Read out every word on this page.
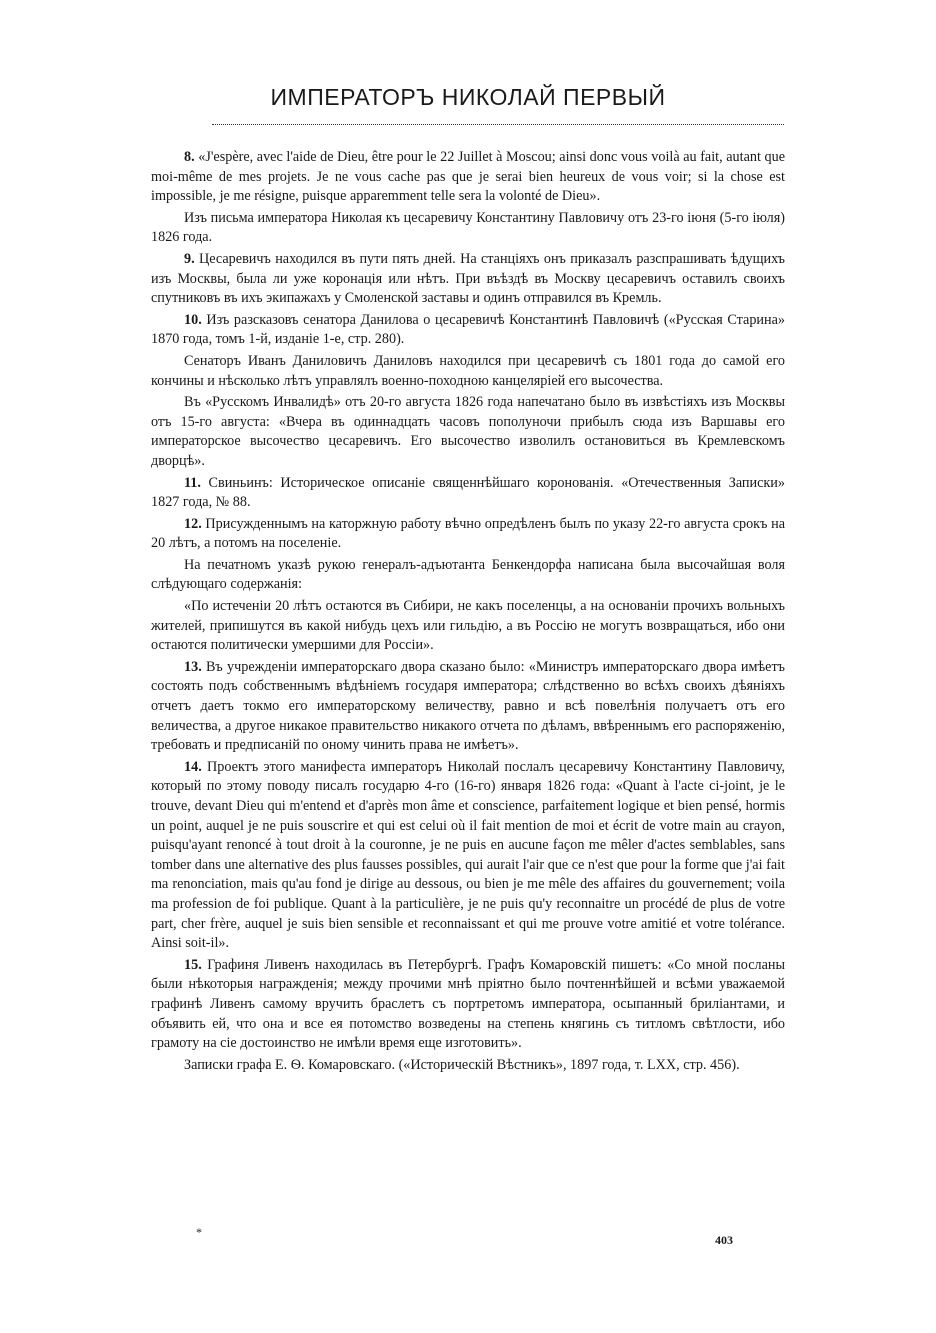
ИМПЕРАТОРЪ НИКОЛАЙ ПЕРВЫЙ

8. «J'espère, avec l'aide de Dieu, être pour le 22 Juillet à Moscou; ainsi donc vous voilà au fait, autant que moi-même de mes projets. Je ne vous cache pas que je serai bien heureux de vous voir; si la chose est impossible, je me résigne, puisque apparemment telle sera la volonté de Dieu».

Изъ письма императора Николая къ цесаревичу Константину Павловичу отъ 23-го іюня (5-го іюля) 1826 года.

9. Цесаревичъ находился въ пути пять дней. На станціяхъ онъ приказалъ разспрашивать ѣдущихъ изъ Москвы, была ли уже коронація или нѣтъ. При въѣздѣ въ Москву цесаревичъ оставилъ своихъ спутниковъ въ ихъ экипажахъ у Смоленской заставы и одинъ отправился въ Кремль.

10. Изъ разсказовъ сенатора Данилова о цесаревичѣ Константинѣ Павловичѣ («Русская Старина» 1870 года, томъ 1-й, изданіе 1-е, стр. 280).

Сенаторъ Иванъ Даниловичъ Даниловъ находился при цесаревичѣ съ 1801 года до самой его кончины и нѣсколько лѣтъ управлялъ военно-походною канцеляріей его высочества.

Въ «Русскомъ Инвалидѣ» отъ 20-го августа 1826 года напечатано было въ извѣстіяхъ изъ Москвы отъ 15-го августа: «Вчера въ одиннадцать часовъ пополуночи прибылъ сюда изъ Варшавы его императорское высочество цесаревичъ. Его высочество изволилъ остановиться въ Кремлевскомъ дворцѣ».

11. Свиньинъ: Историческое описаніе священнѣйшаго коронованія. «Отечественныя Записки» 1827 года, № 88.

12. Присужденнымъ на каторжную работу вѣчно опредѣленъ былъ по указу 22-го августа срокъ на 20 лѣтъ, а потомъ на поселеніе.

На печатномъ указѣ рукою генералъ-адъютанта Бенкендорфа написана была высочайшая воля слѣдующаго содержанія:

«По истеченіи 20 лѣтъ остаются въ Сибири, не какъ поселенцы, а на основаніи прочихъ вольныхъ жителей, припишутся въ какой нибудь цехъ или гильдію, а въ Россію не могутъ возвращаться, ибо они остаются политически умершими для Россіи».

13. Въ учрежденіи императорскаго двора сказано было: «Министръ императорскаго двора имѣетъ состоять подъ собственнымъ вѣдѣніемъ государя императора; слѣдственно во всѣхъ своихъ дѣяніяхъ отчетъ даетъ токмо его императорскому величеству, равно и всѣ повелѣнія получаетъ отъ его величества, а другое никакое правительство никакого отчета по дѣламъ, ввѣреннымъ его распоряженію, требовать и предписаній по оному чинить права не имѣетъ».

14. Проектъ этого манифеста императоръ Николай послалъ цесаревичу Константину Павловичу, который по этому поводу писалъ государю 4-го (16-го) января 1826 года: «Quant à l'acte ci-joint, je le trouve, devant Dieu qui m'entend et d'après mon âme et conscience, parfaitement logique et bien pensé, hormis un point, auquel je ne puis souscrire et qui est celui où il fait mention de moi et écrit de votre main au crayon, puisqu'ayant renoncé à tout droit à la couronne, je ne puis en aucune façon me mêler d'actes semblables, sans tomber dans une alternative des plus fausses possibles, qui aurait l'air que ce n'est que pour la forme que j'ai fait ma renonciation, mais qu'au fond je dirige au dessous, ou bien je me mêle des affaires du gouvernement; voila ma profession de foi publique. Quant à la particulière, je ne puis qu'y reconnaitre un procédé de plus de votre part, cher frère, auquel je suis bien sensible et reconnaissant et qui me prouve votre amitié et votre tolérance. Ainsi soit-il».

15. Графиня Ливенъ находилась въ Петербургѣ. Графъ Комаровскій пишетъ: «Со мной посланы были нѣкоторыя награжденія; между прочими мнѣ пріятно было почтеннѣйшей и всѣми уважаемой графинѣ Ливенъ самому вручить браслетъ съ портретомъ императора, осыпанный бриліантами, и объявить ей, что она и все ея потомство возведены на степень княгинь съ титломъ свѣтлости, ибо грамоту на сіе достоинство не имѣли время еще изготовить».

Записки графа Е. Ѳ. Комаровскаго. («Историческій Вѣстникъ», 1897 года, т. LXX, стр. 456).

*
403
